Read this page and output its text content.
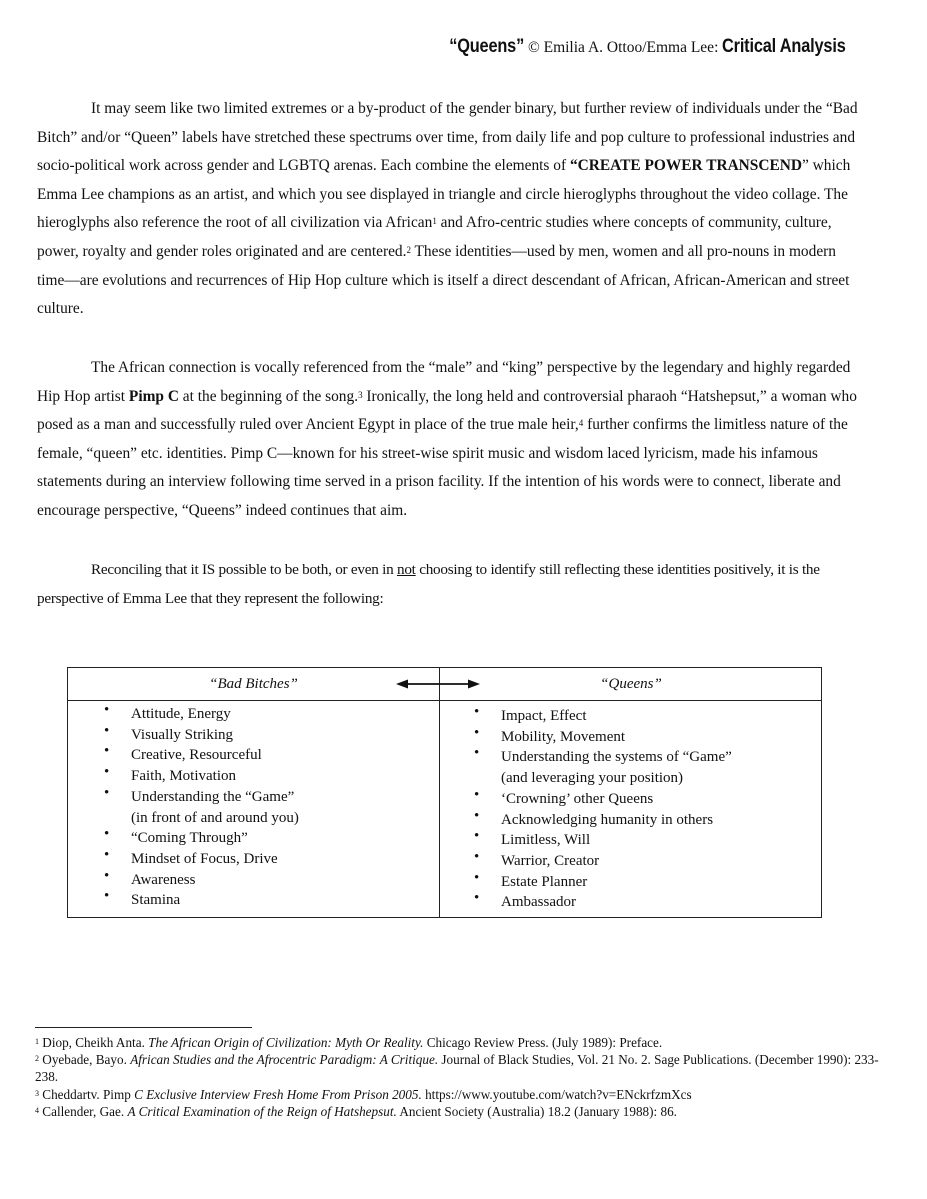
“Queens” © Emilia A. Ottoo/Emma Lee: Critical Analysis
It may seem like two limited extremes or a by-product of the gender binary, but further review of individuals under the “Bad Bitch” and/or “Queen” labels have stretched these spectrums over time, from daily life and pop culture to professional industries and socio-political work across gender and LGBTQ arenas. Each combine the elements of “CREATE POWER TRANSCEND” which Emma Lee champions as an artist, and which you see displayed in triangle and circle hieroglyphs throughout the video collage. The hieroglyphs also reference the root of all civilization via African$^1$ and Afro-centric studies where concepts of community, culture, power, royalty and gender roles originated and are centered.$^2$ These identities—used by men, women and all pro-nouns in modern time—are evolutions and recurrences of Hip Hop culture which is itself a direct descendant of African, African-American and street culture.
The African connection is vocally referenced from the “male” and “king” perspective by the legendary and highly regarded Hip Hop artist Pimp C at the beginning of the song.$^3$ Ironically, the long held and controversial pharaoh “Hatshepsut,” a woman who posed as a man and successfully ruled over Ancient Egypt in place of the true male heir,$^4$ further confirms the limitless nature of the female, “queen” etc. identities. Pimp C—known for his street-wise spirit music and wisdom laced lyricism, made his infamous statements during an interview following time served in a prison facility. If the intention of his words were to connect, liberate and encourage perspective, “Queens” indeed continues that aim.
Reconciling that it IS possible to be both, or even in not choosing to identify still reflecting these identities positively, it is the perspective of Emma Lee that they represent the following:
“Bad Bitches”	“Queens”
• Attitude, Energy
• Visually Striking
• Creative, Resourceful
• Faith, Motivation
• Understanding the “Game”
(in front of and around you)
• “Coming Through”
• Mindset of Focus, Drive
• Awareness
• Stamina
• Impact, Effect
• Mobility, Movement
• Understanding the systems of “Game”
(and leveraging your position)
• ‘Crowning’ other Queens
• Acknowledging humanity in others
• Limitless, Will
• Warrior, Creator
• Estate Planner
• Ambassador

$^1$ Diop, Cheikh Anta. The African Origin of Civilization: Myth Or Reality. Chicago Review Press. (July 1989): Preface.

$^2$ Oyebade, Bayo. African Studies and the Afrocentric Paradigm: A Critique. Journal of Black Studies, Vol. 21 No. 2. Sage Publications. (December 1990): 233-238.

$^3$ Cheddartv. Pimp C Exclusive Interview Fresh Home From Prison 2005. https://www.youtube.com/watch?v=ENckrfzmXcs

$^4$ Callender, Gae. A Critical Examination of the Reign of Hatshepsut. Ancient Society (Australia) 18.2 (January 1988): 86.
